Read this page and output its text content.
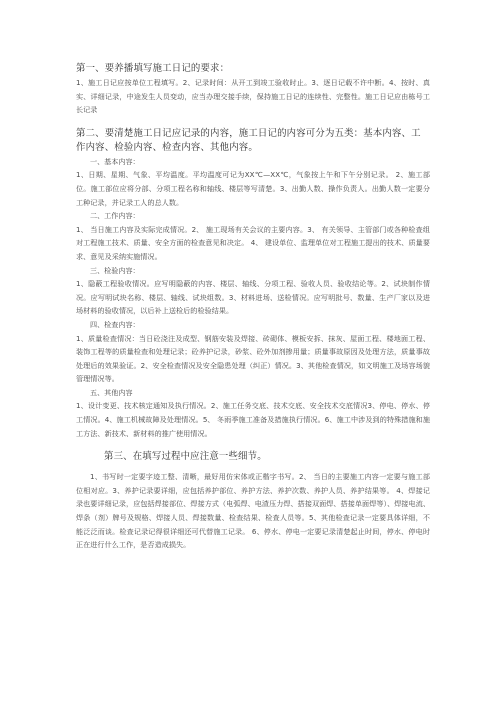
第一、要养播填写施工日记的要求：

1、施工日记应按单位工程填写。2、记录时间：从开工到竣工验收时止。3、逐日记载不许中断。4、按时、真实、详细记录，中途发生人员变动，应当办理交接手续，保持施工日记的连续性、完整性。施工日记应由栋号工长记录

第二、要清楚施工日记应记录的内容，施工日记的内容可分为五类：基本内容、工作内容、检验内容、检查内容、其他内容。

一、基本内容：

1、日期、星期、气象、平均温度。平均温度可记为XX℃—XX℃，气象按上午和下午分别记录。 2、施工部位。施工部位应将分部、分项工程名称和轴线、楼层等写清楚。3、出勤人数、操作负责人。出勤人数一定要分工种记录，并记录工人的总人数。

二、工作内容：

1、 当日施工内容及实际完成情况。2、 施工现场有关会议的主要内容。3、 有关领导、主管部门或各种检查组对工程施工技术、质量、安全方面的检查意见和决定。 4、 建设单位、监理单位对工程施工提出的技术、质量要求、意见及采纳实施情况。

三、检验内容：

1、隐蔽工程验收情况。应写明隐蔽的内容、楼层、轴线、分项工程、验收人员、验收结论等。2、试块制作情况。应写明试块名称、楼层、轴线、试块组数。3、材料进场、送检情况。应写明批号、数量、生产厂家以及进场材料的验收情况，以后补上送检后的检验结果。

四、检查内容：

1、质量检查情况：当日砼浇注及成型、钢筋安装及焊接、砖砌体、模板安拆、抹灰、屋面工程、楼地面工程、装饰工程等的质量检查和处理记录；砼养护记录，砂浆、砼外加剂掺用量；质量事故原因及处理方法，质量事故处理后的效果验证。2、安全检查情况及安全隐患处理（纠正）情况。3、其他检查情况，如文明施工及场容场貌管理情况等。

五、其他内容

1、设计变更、技术核定通知及执行情况。2、施工任务交底、技术交底、安全技术交底情况3、停电、停水、停工情况。4、施工机械故障及处理情况。5、 冬雨季施工准备及措施执行情况。6、施工中涉及到的特殊措施和施工方法、新技术、新材料的推广使用情况。

第三、在填写过程中应注意一些细节。

1、书写时一定要字迹工整、清晰，最好用仿宋体或正楷字书写。2、 当日的主要施工内容一定要与施工部位相对应。3、养护记录要详细，应包括养护部位、养护方法、养护次数、养护人员、养护结果等。 4、焊接记录也要详细记录，应包括焊接部位、焊接方式（电弧焊、电渣压力焊、搭接双面焊、搭接单面焊等）、焊接电流、焊条（剂）牌号及规格、焊接人员、焊接数量、检查结果、检查人员等。5、其他检查记录一定要具体详细，不能泛泛而谈。检查记录记得很详细还可代替施工记录。 6、停水、停电一定要记录清楚起止时间，停水、停电时正在进行什么工作，是否造成损失。
